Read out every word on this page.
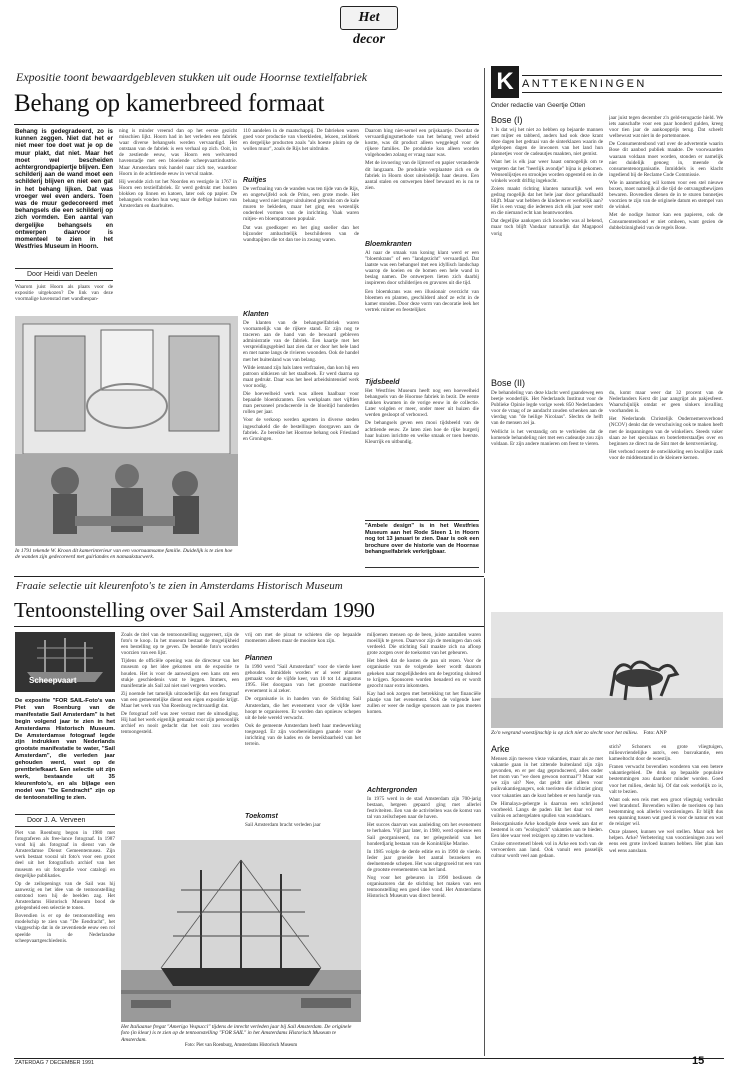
Het decor
Expositie toont bewaardgebleven stukken uit oude Hoornse textielfabriek
Behang op kamerbreed formaat
Behang is gedegradeerd, zo is kunnen zeggen. Niet dat het er niet meer toe doet wat je op de muur plakt, dat niet. Maar het moet wel bescheiden achtergrondpapiertje blijven. Een schilderij aan de wand moet een schilderij blijven en niet een gat in het behang lijken. Dat was vroeger wel even anders. Toen was de muur gedecoreerd met behangsels die een schilderij op zich vormden. Een aantal van dergelijke behangsels en ontwerpen daarvoor is momenteel te zien in het Westfries Museum in Hoorn.
Door Heidi van Deelen
Waarom juist Hoorn als plaats voor de expositie uitgekozen? De link van deze voormalige havenstad met wandbespan-

ning is minder vreemd dan op het eerste gezicht misschien lijkt. Hoorn had in het verleden een fabriek waar diverse behangsels werden vervaardigd. Het ontstaan van de fabriek is een verhaal op zich. Ooit, in de zestiende eeuw, was Hoorn een welvarend havenstadje met een bloeiende scheepvaartindustrie. Maar Amsterdam trok handel naar zich toe, waardoor Hoorn in de achttiende eeuw in verval raakte.

Hij wendde zich tot het Noorden en vestigde in 1767 in Hoorn een textielfabriek. Er werd gedrukt met houten blokken op linnen en katoen, later ook op papier. De behangsels vonden hun weg naar de deftige huizen van Amsterdam en daarbuiten.

110 aandelen in de maatschappij. De fabrieken waren goed voor productie van vloerkleden, lekoen, zeildoek en dergelijke producten zoals "als hoeste pluim op de wollen muur", zoals de Rijs het uitdrukte.

Ruitjes

De verfraaiing van de wanden was ten tijde van de Rijs, en ongetwijfeld ook de Prins, een grote mode. Het behang werd niet langer uitsluitend gebruikt om de kale muren te bekleden, maar het ging een wezenlijk onderdeel vormen van de inrichting. Vaak waren ruitjes- en bloempatronen populair.

Dat was goedkoper en het ging sneller dan het bijzonder ambachtelijk beschilderen van de wandtapijten die tot dan toe in zwang waren.

Daarom hing niet-sernel een prijskaartje. Doordat de vervaardigingsmethode van het behang veel arbeid kostte, was dit product alleen weggelegd voor de rijkere families. De produktie kon alleen worden volgehouden zolang er vraag naar was.

Met de invoering van de lijmverf en papier veranderde dit langzaam. De produktie verplaatste zich en de fabriek in Hoorn sloot uiteindelijk haar deuren. Een aantal stalen en ontwerpen bleef bewaard en is nu te zien.

Bloemkranten

Al naar de smaak van koning klant werd er een "bloemkrans" of een "landgezicht" vervaardigd. Dat laatste was een behangsel met een idyllisch landschap waarop de koeien en de bomen een hele wand in beslag namen. De ontwerpers lieten zich daarbij inspireren door schilderijen en gravures uit die tijd.

Een bloemkrans was een illusionair overzicht van bloemen en planten, geschilderd alsof ze echt in de kamer stonden. Door deze vorm van decoratie leek het vertrek ruimer en feestelijker.

In 1791 tekende W. Kroon dit kamerinterieur van een voornaamsame familie. Duidelijk is te zien hoe de wanden zijn gedecoreerd met guirlandes en namaakstucwerk.
Klanten

De klanten van de behangselfabriek waren voornamelijk van de rijkere stand. Er zijn nog te traceren aan de hand van de bewaard gebleven administratie van de fabriek. Een kaartje met het verspreidingsgebied laat zien dat er door het hele land en met name langs de rivieren woonden. Ook de handel met het buitenland was van belang.

Wilde iemand zijn hals laten verfraaien, dan kon hij een patroon uitkiezen uit het staalboek. Er werd daarna op maat gedrukt. Daar was het heel arbeidsintensief werk voor nodig.

Die hoeveelheid werk was alleen haalbaar voor bepaalde bloemkranten. Een werkplaats met vijftien man personeel produceerde in de bloeitijd honderden rollen per jaar.

Voor de verkoop werden agenten in diverse steden ingeschakeld die de bestellingen doorgaven aan de fabriek. Zo bereikte het Hoornse behang ook Friesland en Groningen.

Tijdsbeeld

Het Westfries Museum heeft nog een hoeveelheid behangsels van de Hoornse fabriek in bezit. De eerste stukken kwamen in de vorige eeuw in de collectie. Later volgden er meer, onder meer uit huizen die werden gesloopt of verbouwd.

De behangsels geven een mooi tijdsbeeld van de achttiende eeuw. Ze laten zien hoe de rijke burgerij haar huizen inrichtte en welke smaak er toen heerste. Kleurrijk en uitbundig.

"Ambele design" is in het Westfries Museum aan het Rode Steen 1 in Hoorn nog tot 13 januari te zien. Daar is ook een brochure over de historie van de Hoornse behangselfabriek verkrijgbaar.
K ANTTEKENINGEN
Onder redactie van Geertje Otten
Bose (I)

't Is dat wij het niet zo hebben op bejaarde mannen met mijter en tabberd, anders had ook deze krant deze dagen het gedraai van de sinterklazen waarin de afgelopen dagen de inwoners van het land hun plannetjes voor de cadeautjes maakten, niet gemist.

Want het is elk jaar weer haast onmogelijk om te vergeten dat het "heerlijk avondje" bijna is gekomen. Wensenlijstjes en strookjes worden opgesteld en in de winkels wordt driftig ingekocht.

Zoiets maakt richting klanten natuurlijk wel een gedrag mogelijk dat het hele jaar door gehandhaafd blijft. Maar wat hebben de kinderen er werkelijk aan? Het is een vraag die iedereen zich elk jaar weer stelt en die niemand echt kan beantwoorden.

Dat degelijke aankopen zich loonden was al bekend, maar toch blijft Vandaar natuurlijk dat Magapool vorig

jaar juist tegen december z'n geld-terugactie hield. We iets aanschafte voor een paar honderd gulden, kreeg voor tien jaar de aankoopprijs terug. Dat scheelt welbewust wat niet in de portemonnee.

De Consumentenbond vatl over de advertentie waarin Bose dit aanbod publiek maakte. De voorwaarden waaraan voldaan moet worden, stonden er namelijk niet duidelijk genoeg in, meende de consumentenorganisatie. Inmiddels is een klacht ingediend bij de Reclame Code Commissie.

Wie in aanmerking wil komen voor een stel nieuwe boxen, moet namelijk al die tijd de ontvangstbewijzen bewaren. Bovendien dienen de in te sturen bonnetjes voorzien te zijn van de originele datum en stempel van de winkel.

Met de nodige humor kan een papieren, ook de Consumentenbond er niet omheen, want gezien de dubbelzinnigheid van de regels Bose.

Bose (II)

De behandeling van deze klacht werd gaandeweg een beetje wonderlijk. Het Nederlands Instituut voor de Publieke Opinie legde vorige week 850 Nederlanders voor de vraag of ze aandacht zouden schenken aan de vierdag van "de heilige Nicolaas". Slechts de helft van de mensen zei ja.

Wellicht is het verstandig om te verbieden dat de komende behandeling niet met een cadeautje zou zijn voldaan. Er zijn andere manieren om feest te vieren.

du, komt maar weer dat 32 procent van de Nederlanders Kerst dit jaar aangrijpt als pakjesfeest. Waarschijnlijk omdat er geen sinkers invalling voorhanden is.

Het Nederlands Christelijk Ondernemersverbond (NCOV) denkt dat de verschuiving ook te maken heeft met de inspanningen van de winkeliers. Steeds vaker slaan ze het speculaas en boterletterstaafjes over en beginnen ze direct na de Sint met de kerstversiering.

Het verbond noemt de ontwikkeling een kwalijke zaak voor de middenstand in de kleinere kernen.

Zo'n wegrand woestijnschip is op zich niet zo slecht voor het milieu. Foto: ANP
Arke

Mensen zijn toeweo vieze vakanties, maar als ze met vakantie gaan in het zittende buitenland zijn zijn gevonden, en er per dag geproduceerd, alles onder het mom van "we doen gewoon normaal"? Maar wat we zijn uit? Nee, dat geldt niet alleen voor puikvakantiegangers, ook toeristen die richtziet ginrg voor vakanties aan de kust hebben er een handje van.

De Himalaya-gebergte is daarvan een schrijnend voorbeeld. Langs de paden likt het daar vol met vuilnis en achtergelaten spullen van wandelaars.

Reisorganisatie Arke kondigde deze week aan dat er bestemd is om "ecologisch" vakanties aan te bieden. Een idee waar veel reizigers op zitten te wachten.

Cruise omvertenetl bleek vol in Arke een toch van de vervoerders aan land. Ook vanuit een passelijk cultuur wordt veel aan gedaan.

stich? Schoners en grote vliegtuigen, milieuvriendelijke auto's, een busvakantie, een kameeltocht door de woestijn.

Franen verwacht bovendien wonderen van een betere vakantiegebied. De druk op bepaalde populaire bestemmingen zou daardoor minder worden. Goed voor het milieu, denkt hij. Of dat ook werkelijk zo is, valt te bezien.

Want ook een reis met een groot vliegtuig verbruikt veel brandstof. Bovendien willen de toeristen op hun bestemming ook allerlei voorzieningen. Er blijft dus een spanning tussen wat goed is voor de natuur en wat de reiziger wil.

Onze planeet, kunnen we wel stellen. Maar ook het helpen. Arke? Verbetering van voorzieningen zou wel eens een grote invloed kunnen hebben. Het plan kan wel eens aanslaan.

Fraaie selectie uit kleurenfoto's te zien in Amsterdams Historisch Museum
Tentoonstelling over Sail Amsterdam 1990
Scheepvaart
De expositie "FOR SAIL-Foto's van Piet van Roenburg van de manifestatie Sail Amsterdam" is het begin volgend jaar te zien in het Amsterdams Historisch Museum. De Amsterdamse fotograaf legde zijn indrukken van Nederlands grootste manifestatie te water, "Sail Amsterdam", die verleden jaar gehouden werd, vast op de prentbriefkaart. Een selectie uit zijn werk, bestaande uit 35 kleurenfoto's, en als bijlage een model van "De Eendracht" zijn op de tentoonstelling te zien.
Door J. A. Verveen

Piet van Roenburg begon in 1980 met fotograferen als free-lance fotograaf. In 1987 vond hij als fotograaf in dienst van de Amsterdamse Dienst Gemeentemusea. Zijn werk bestaat vooral uit foto's voor een groot deel uit het fotografisch archief van het museum en uit fotografie voor catalogi en dergelijke publikaties.

Op de zeilopenings van de Sail was hij aanwezig en het idee van de tentoonstelling ontstond toen hij de beelden zag. Het Amsterdams Historisch Museum bood de gelegenheid een selectie te tonen.

Bovendien is er op de tentoonstelling een modelschip te zien van "De Eendracht", het vlaggeschip dat in de zeventiende eeuw een rol speelde in de Nederlandse scheepvaartgeschiedenis.

Zoals de titel van de tentoonstelling suggereert, zijn de foto's te koop. In het museum bestaat de mogelijkheid een bestelling op te geven. De bestelde foto's worden voorzien van een lijst.

Tijdens de officiële opening was de directeur van het museum op het idee gekomen om de expositie te houden. Het is voor de aanwezigen een kans om een stukje geschiedenis vast te leggen. Immers, een manifestatie als Sail zal niet snel vergeten worden.

Zij noemde het tamelijk uitzonderlijk dat een fotograaf van een gemeentelijke dienst een eigen expositie krijgt. Maar het werk van Van Roenburg rechtvaardigt dat.

De fotograaf zelf was zeer verrast met de uitnodiging. Hij had het werk eigenlijk gemaakt voor zijn persoonlijk archief en nooit gedacht dat het ooit zou worden tentoongesteld.

vrij om met de piraat te schieten die op bepaalde momenten alleen maar de mooiste kon zijn.

Plannen

In 1990 werd "Sail Amsterdam" voor de vierde keer gehouden. Inmiddels worden er al weer plannen gemaakt voor de vijfde keer, van 10 tot 14 augustus 1995. Het doorgaan van het grootste maritieme evenement is al zeker.

De organisatie is in handen van de Stichting Sail Amsterdam, die het evenement voor de vijfde keer hoopt te organiseren. Er worden dan opnieuw schepen uit de hele wereld verwacht.

Ook de gemeente Amsterdam heeft haar medewerking toegezegd. Er zijn voorbereidingen gaande voor de inrichting van de kades en de bereikbaarheid van het terrein.

Toekomst

Sail Amsterdam bracht verleden jaar

miljoenen mensen op de been, juiste aantallen waren moeilijk te geven. Daarvoor zijn de meningen dan ook verdeeld. Die stichting Sail maakte zich na afloop grote zorgen over de toekomst van het gebeuren.

Het bleek dat de kosten de pan uit rezen. Voor de organisatie van de volgende keer wordt daarom gekeken naar mogelijkheden om de begroting sluitend te krijgen. Sponsoren worden benaderd en er wordt gezocht naar extra inkomsten.

Kay had ook zorgen met betrekking tot het financiële plaatje van het evenement. Ook de volgende keer zullen er weer de nodige sponsors aan te pas moeten komen.

Achtergronden

In 1975 werd in de stad Amsterdam zijn 700-jarig bestaan, hetgeen gepaard ging met allerlei festiviteiten. Een van de activiteiten was de komst van tal van zeilschepen naar de haven.

Het succes daarvan was aanleiding om het evenement te herhalen. Vijf jaar later, in 1980, werd opnieuw een Sail georganiseerd, nu ter gelegenheid van het honderdjarig bestaan van de Koninklijke Marine.

In 1985 volgde de derde editie en in 1990 de vierde. Ieder jaar groeide het aantal bezoekers en deelnemende schepen. Het was uitgegroeid tot een van de grootste evenementen van het land.

Nog voor het gebeuren in 1990 beslissen de organisatoren dat de stichting het maken van een tentoonstelling een goed idee vond. Het Amsterdams Historisch Museum was direct bereid.

Het Italiaanse fregat "Amerigo Vespucci" tijdens de inrecht verleden jaar bij Sail Amsterdam. De originele foto (in kleur) is te zien op de tentoonstelling "FOR SAIL" in het Amsterdams Historisch Museum te Amsterdam.
Foto: Piet van Roenburg, Amsterdams Historisch Museum
ZATERDAG 7 DECEMBER 1991	15
